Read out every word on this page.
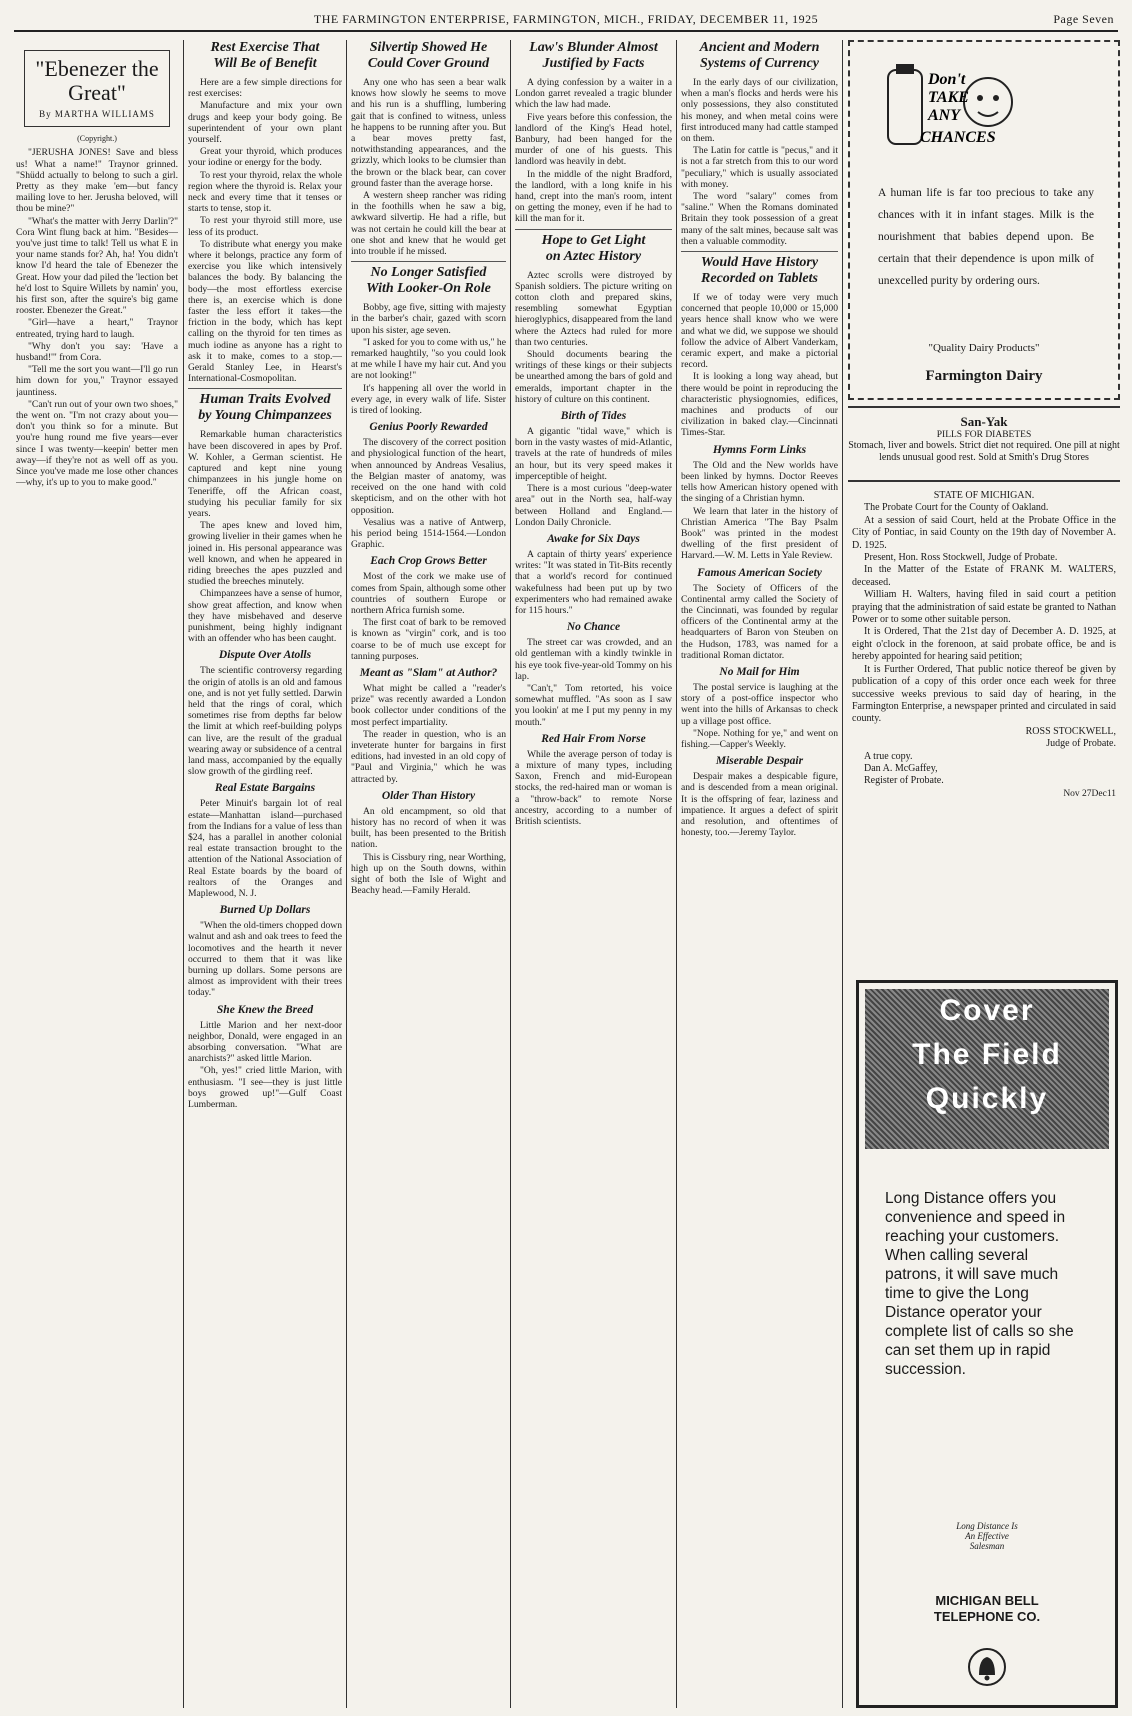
THE FARMINGTON ENTERPRISE, FARMINGTON, MICH., FRIDAY, DECEMBER 11, 1925	Page Seven
"Ebenezer the
Great"
By MARTHA WILLIAMS
(Copyright.)

"JERUSHA JONES! Save and bless us! What a name!" Traynor grinned. "Shüdd actually to belong to such a girl. Pretty as they make 'em—but fancy mailing love to her. Jerusha beloved, will thou be mine?"

"What's the matter with Jerry Darlin'?" Cora Wint flung back at him. "Besides—you've just time to talk! Tell us what E in your name stands for? Ah, ha! You didn't know I'd heard the tale of Ebenezer the Great. How your dad piled the 'lection bet he'd lost to Squire Willets by namin' you, his first son, after the squire's big game rooster. Ebenezer the Great."

"Girl—have a heart," Traynor entreated, trying hard to laugh.

"Why don't you say: 'Have a husband!'" from Cora.

"Tell me the sort you want—I'll go run him down for you," Traynor essayed jauntiness.

"Can't run out of your own two shoes," the went on. "I'm not crazy about you—don't you think so for a minute. But you're hung round me five years—ever since I was twenty—keepin' better men away—if they're not as well off as you. Since you've made me lose other chances—why, it's up to you to make good."

Rest Exercise That
Will Be of Benefit

Here are a few simple directions for rest exercises:

Manufacture and mix your own drugs and keep your body going. Be superintendent of your own plant yourself.

Great your thyroid, which produces your iodine or energy for the body.

To rest your thyroid, relax the whole region where the thyroid is. Relax your neck and every time that it tenses or starts to tense, stop it.

To rest your thyroid still more, use less of its product.

To distribute what energy you make where it belongs, practice any form of exercise you like which intensively balances the body. By balancing the body—the most effortless exercise there is, an exercise which is done faster the less effort it takes—the friction in the body, which has kept calling on the thyroid for ten times as much iodine as anyone has a right to ask it to make, comes to a stop.—Gerald Stanley Lee, in Hearst's International-Cosmopolitan.

Human Traits Evolved
by Young Chimpanzees

Remarkable human characteristics have been discovered in apes by Prof. W. Kohler, a German scientist. He captured and kept nine young chimpanzees in his jungle home on Teneriffe, off the African coast, studying his peculiar family for six years.

The apes knew and loved him, growing livelier in their games when he joined in. His personal appearance was well known, and when he appeared in riding breeches the apes puzzled and studied the breeches minutely.

Chimpanzees have a sense of humor, show great affection, and know when they have misbehaved and deserve punishment, being highly indignant with an offender who has been caught.

Dispute Over Atolls

The scientific controversy regarding the origin of atolls is an old and famous one, and is not yet fully settled. Darwin held that the rings of coral, which sometimes rise from depths far below the limit at which reef-building polyps can live, are the result of the gradual wearing away or subsidence of a central land mass, accompanied by the equally slow growth of the girdling reef.

Real Estate Bargains

Peter Minuit's bargain lot of real estate—Manhattan island—purchased from the Indians for a value of less than $24, has a parallel in another colonial real estate transaction brought to the attention of the National Association of Real Estate boards by the board of realtors of the Oranges and Maplewood, N. J.

Burned Up Dollars

"When the old-timers chopped down walnut and ash and oak trees to feed the locomotives and the hearth it never occurred to them that it was like burning up dollars. Some persons are almost as improvident with their trees today."

She Knew the Breed

Little Marion and her next-door neighbor, Donald, were engaged in an absorbing conversation. "What are anarchists?" asked little Marion.

"Oh, yes!" cried little Marion, with enthusiasm. "I see—they is just little boys growed up!"—Gulf Coast Lumberman.

Silvertip Showed He
Could Cover Ground

Any one who has seen a bear walk knows how slowly he seems to move and his run is a shuffling, lumbering gait that is confined to witness, unless he happens to be running after you. But a bear moves pretty fast, notwithstanding appearances, and the grizzly, which looks to be clumsier than the brown or the black bear, can cover ground faster than the average horse.

A western sheep rancher was riding in the foothills when he saw a big, awkward silvertip. He had a rifle, but was not certain he could kill the bear at one shot and knew that he would get into trouble if he missed.

No Longer Satisfied
With Looker-On Role

Bobby, age five, sitting with majesty in the barber's chair, gazed with scorn upon his sister, age seven.

"I asked for you to come with us," he remarked haughtily, "so you could look at me while I have my hair cut. And you are not looking!"

It's happening all over the world in every age, in every walk of life. Sister is tired of looking.

Genius Poorly Rewarded

The discovery of the correct position and physiological function of the heart, when announced by Andreas Vesalius, the Belgian master of anatomy, was received on the one hand with cold skepticism, and on the other with hot opposition.

Vesalius was a native of Antwerp, his period being 1514-1564.—London Graphic.

Each Crop Grows Better

Most of the cork we make use of comes from Spain, although some other countries of southern Europe or northern Africa furnish some.

The first coat of bark to be removed is known as "virgin" cork, and is too coarse to be of much use except for tanning purposes.

Meant as "Slam" at Author?

What might be called a "reader's prize" was recently awarded a London book collector under conditions of the most perfect impartiality.

The reader in question, who is an inveterate hunter for bargains in first editions, had invested in an old copy of "Paul and Virginia," which he was attracted by.

Older Than History

An old encampment, so old that history has no record of when it was built, has been presented to the British nation.

This is Cissbury ring, near Worthing, high up on the South downs, within sight of both the Isle of Wight and Beachy head.—Family Herald.

Law's Blunder Almost
Justified by Facts

A dying confession by a waiter in a London garret revealed a tragic blunder which the law had made.

Five years before this confession, the landlord of the King's Head hotel, Banbury, had been hanged for the murder of one of his guests. This landlord was heavily in debt.

In the middle of the night Bradford, the landlord, with a long knife in his hand, crept into the man's room, intent on getting the money, even if he had to kill the man for it.

Hope to Get Light
on Aztec History

Aztec scrolls were distroyed by Spanish soldiers. The picture writing on cotton cloth and prepared skins, resembling somewhat Egyptian hieroglyphics, disappeared from the land where the Aztecs had ruled for more than two centuries.

Should documents bearing the writings of these kings or their subjects be unearthed among the bars of gold and emeralds, important chapter in the history of culture on this continent.

Birth of Tides

A gigantic "tidal wave," which is born in the vasty wastes of mid-Atlantic, travels at the rate of hundreds of miles an hour, but its very speed makes it imperceptible of height.

There is a most curious "deep-water area" out in the North sea, half-way between Holland and England.—London Daily Chronicle.

Awake for Six Days

A captain of thirty years' experience writes: "It was stated in Tit-Bits recently that a world's record for continued wakefulness had been put up by two experimenters who had remained awake for 115 hours."

No Chance

The street car was crowded, and an old gentleman with a kindly twinkle in his eye took five-year-old Tommy on his lap.

"Can't," Tom retorted, his voice somewhat muffled. "As soon as I saw you lookin' at me I put my penny in my mouth."

Red Hair From Norse

While the average person of today is a mixture of many types, including Saxon, French and mid-European stocks, the red-haired man or woman is a "throw-back" to remote Norse ancestry, according to a number of British scientists.

Ancient and Modern
Systems of Currency

In the early days of our civilization, when a man's flocks and herds were his only possessions, they also constituted his money, and when metal coins were first introduced many had cattle stamped on them.

The Latin for cattle is "pecus," and it is not a far stretch from this to our word "peculiary," which is usually associated with money.

The word "salary" comes from "saline." When the Romans dominated Britain they took possession of a great many of the salt mines, because salt was then a valuable commodity.

Would Have History
Recorded on Tablets

If we of today were very much concerned that people 10,000 or 15,000 years hence shall know who we were and what we did, we suppose we should follow the advice of Albert Vanderkam, ceramic expert, and make a pictorial record.

It is looking a long way ahead, but there would be point in reproducing the characteristic physiognomies, edifices, machines and products of our civilization in baked clay.—Cincinnati Times-Star.

Hymns Form Links

The Old and the New worlds have been linked by hymns. Doctor Reeves tells how American history opened with the singing of a Christian hymn.

We learn that later in the history of Christian America "The Bay Psalm Book" was printed in the modest dwelling of the first president of Harvard.—W. M. Letts in Yale Review.

Famous American Society

The Society of Officers of the Continental army called the Society of the Cincinnati, was founded by regular officers of the Continental army at the headquarters of Baron von Steuben on the Hudson, 1783, was named for a traditional Roman dictator.

No Mail for Him

The postal service is laughing at the story of a post-office inspector who went into the hills of Arkansas to check up a village post office.

"Nope. Nothing for ye," and went on fishing.—Capper's Weekly.

Miserable Despair

Despair makes a despicable figure, and is descended from a mean original. It is the offspring of fear, laziness and impatience. It argues a defect of spirit and resolution, and oftentimes of honesty, too.—Jeremy Taylor.

Don't
TAKE
ANY
CHANCES
A human life is far too precious to take any chances with it in infant stages. Milk is the nourishment that babies depend upon. Be certain that their dependence is upon milk of unexcelled purity by ordering ours.
"Quality Dairy Products"
Farmington Dairy
San-Yak
PILLS FOR DIABETES
Stomach, liver and bowels. Strict diet not required. One pill at night lends unusual good rest. Sold at Smith's Drug Stores

STATE OF MICHIGAN.

The Probate Court for the County of Oakland.

At a session of said Court, held at the Probate Office in the City of Pontiac, in said County on the 19th day of November A. D. 1925.

Present, Hon. Ross Stockwell, Judge of Probate.

In the Matter of the Estate of FRANK M. WALTERS, deceased.

William H. Walters, having filed in said court a petition praying that the administration of said estate be granted to Nathan Power or to some other suitable person.

It is Ordered, That the 21st day of December A. D. 1925, at eight o'clock in the forenoon, at said probate office, be and is hereby appointed for hearing said petition;

It is Further Ordered, That public notice thereof be given by publication of a copy of this order once each week for three successive weeks previous to said day of hearing, in the Farmington Enterprise, a newspaper printed and circulated in said county.

ROSS STOCKWELL,

Judge of Probate.

A true copy.

Dan A. McGaffey,

Register of Probate.

Nov 27Dec11
Cover
The Field
Quickly
Long Distance offers you convenience and speed in reaching your customers. When calling several patrons, it will save much time to give the Long Distance operator your complete list of calls so she can set them up in rapid succession.
Long Distance Is
An Effective
Salesman
MICHIGAN BELL
TELEPHONE CO.
